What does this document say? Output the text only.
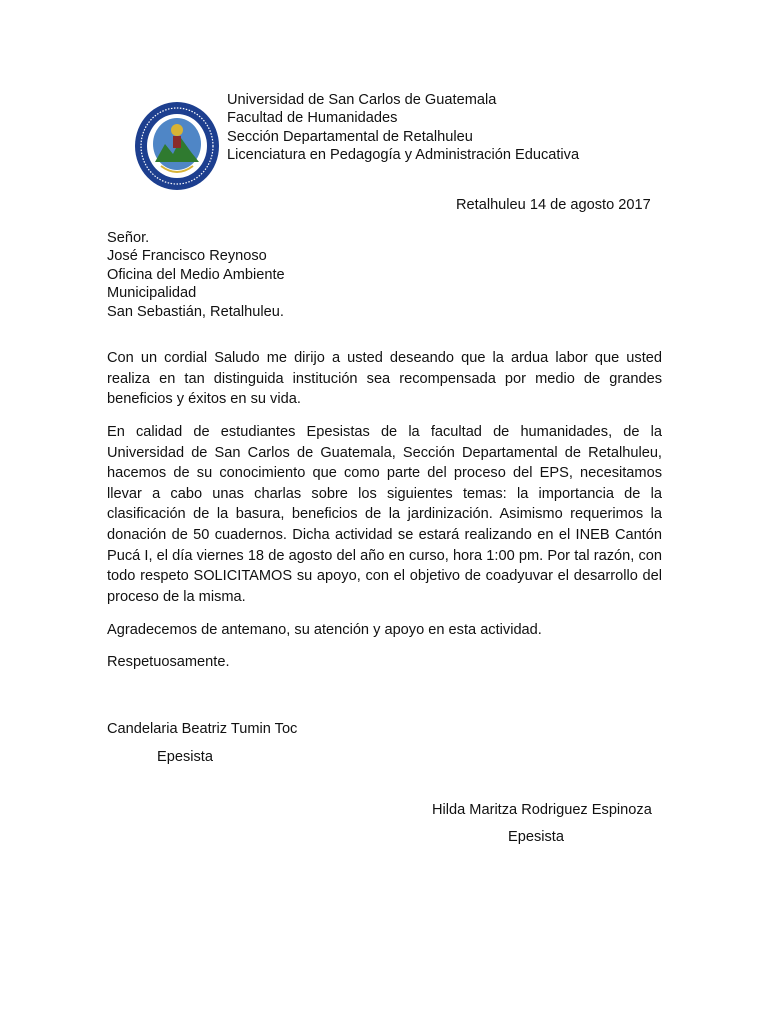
Universidad de San Carlos de Guatemala
Facultad de Humanidades
Sección Departamental de Retalhuleu
Licenciatura en Pedagogía y Administración Educativa
Retalhuleu 14 de agosto 2017
Señor.
José Francisco Reynoso
Oficina del Medio Ambiente
Municipalidad
San Sebastián, Retalhuleu.
Con un cordial Saludo me dirijo a usted deseando que la ardua labor que usted realiza en tan distinguida institución sea recompensada por medio de grandes beneficios y éxitos en su vida.
En calidad de estudiantes Epesistas de la facultad de humanidades, de la Universidad de San Carlos de Guatemala, Sección Departamental de Retalhuleu, hacemos de su conocimiento que como parte del proceso del EPS, necesitamos llevar a cabo unas charlas sobre los siguientes temas: la importancia de la clasificación de la basura, beneficios de la jardinización. Asimismo requerimos la donación de 50 cuadernos. Dicha actividad se estará realizando en el INEB Cantón Pucá I, el día viernes 18 de agosto del año en curso, hora 1:00 pm. Por tal razón, con todo respeto SOLICITAMOS su apoyo, con el objetivo de coadyuvar el desarrollo del proceso de la misma.
Agradecemos de antemano, su atención y apoyo en esta actividad.
Respetuosamente.
Candelaria Beatriz Tumin Toc
Epesista
Hilda Maritza Rodriguez Espinoza
Epesista
